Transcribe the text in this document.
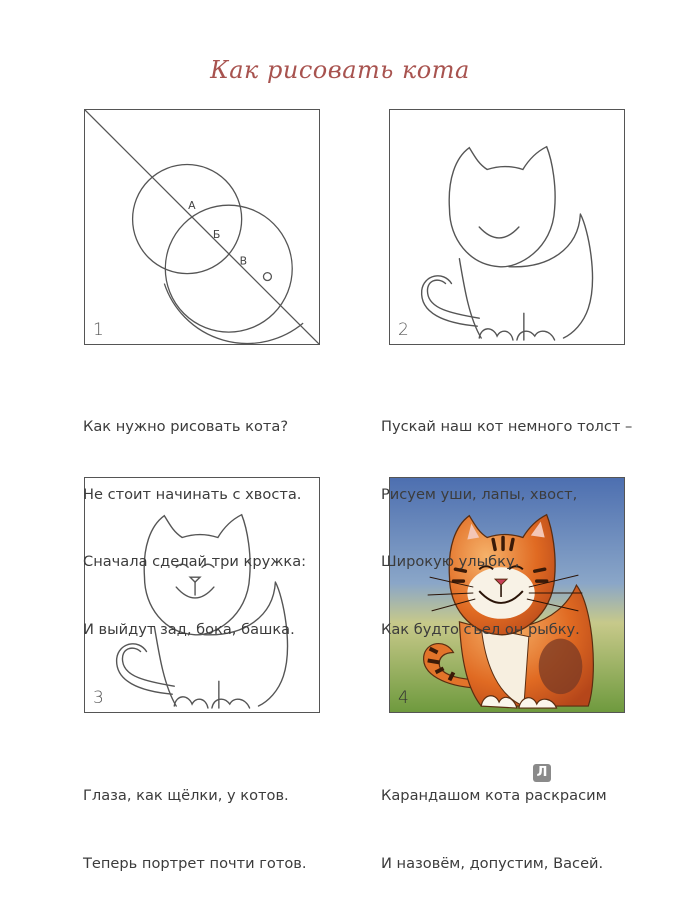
Как рисовать кота
А
Б
В
1	2
3	4

Как нужно рисовать кота?

Не стоит начинать с хвоста.

Сначала сделай три кружка:

И выйдут зад, бока, башка.

Пускай наш кот немного толст –

Рисуем уши, лапы, хвост,

Широкую улыбку,

Как будто съел он рыбку.

Глаза, как щёлки, у котов.

Теперь портрет почти готов.

Карандашом кота раскрасим

И назовём, допустим, Васей.

Л
